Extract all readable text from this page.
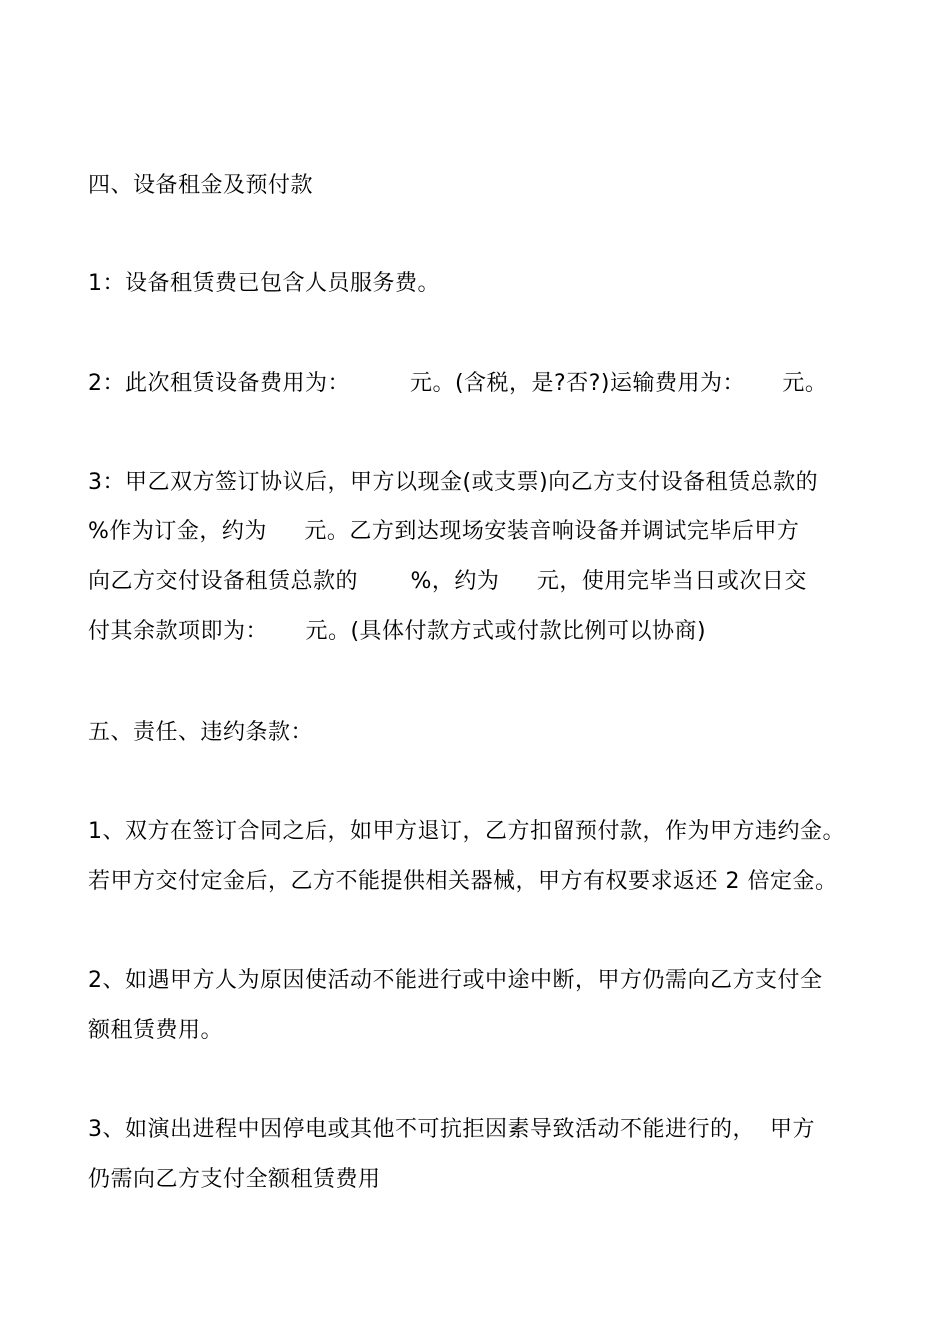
四、设备租金及预付款
1：设备租赁费已包含人员服务费。
2：此次租赁设备费用为：        元。(含税，是?否?)运输费用为：     元。
3：甲乙双方签订协议后，甲方以现金(或支票)向乙方支付设备租赁总款的
%作为订金，约为     元。乙方到达现场安装音响设备并调试完毕后甲方
向乙方交付设备租赁总款的       %，约为     元，使用完毕当日或次日交
付其余款项即为：     元。(具体付款方式或付款比例可以协商)
五、责任、违约条款：
1、双方在签订合同之后，如甲方退订，乙方扣留预付款，作为甲方违约金。
若甲方交付定金后，乙方不能提供相关器械，甲方有权要求返还 2 倍定金。
2、如遇甲方人为原因使活动不能进行或中途中断，甲方仍需向乙方支付全
额租赁费用。
3、如演出进程中因停电或其他不可抗拒因素导致活动不能进行的，  甲方
仍需向乙方支付全额租赁费用
